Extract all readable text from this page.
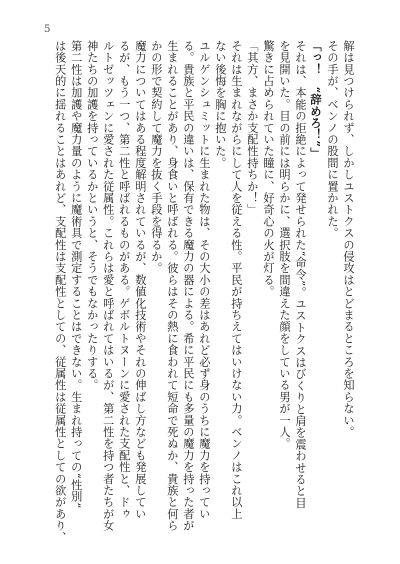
5
解は見つけられず、しかしユストクスの侵攻はとどまるところを知らない。
その手が、ベンノの股間に置かれた。
「っ！　“辞めろ！”」
それは、本能の拒絶によって発せられた“命令”。ユストクスはびくりと肩を震わせると目
を見開いた。目の前には明らかに、選択肢を間違えた顔をしている男が一人。
驚きに占められていた瞳に、好奇心の火が灯る。
「其方、まさか支配性持ちか！」
それは生まれながらにして人を従える性。平民が持ちえてはいけない力。ベンノはこれ以上
ない後悔を胸に抱いた。
ユルゲンシュミットに生まれた物は、その大小の差はあれど必ず身のうちに魔力を持ってい
る。貴族と平民の違いは、保有できる魔力の器による。希に平民にも多量の魔力を持った者が
生まれることがあり、身食いと呼ばれる。彼らはその熱に食われて短命で死ぬか、貴族と何ら
かの形で契約して魔力を抜く手段を得るか。
魔力についてはある程度解明されているが、数値化技術やそれの伸ばし方なども発展してい
るが、もう一つ、第二性と呼ばれるものがある。ゲボルトヌーンに愛された支配性と、ドゥ
ルトゼッツェンに愛された従属性。これらは愛と呼ばれてはいるが、第二性を持つ者たちが女
神たちの加護を持っているかというと、そうでもなかったりする。
第二性は加護や魔力量のように魔術具で測定することはできない。生まれ持っての“性別”
は後天的に揺れることはあれど、支配性は支配性としての、従属性は従属性としての欲があり、
